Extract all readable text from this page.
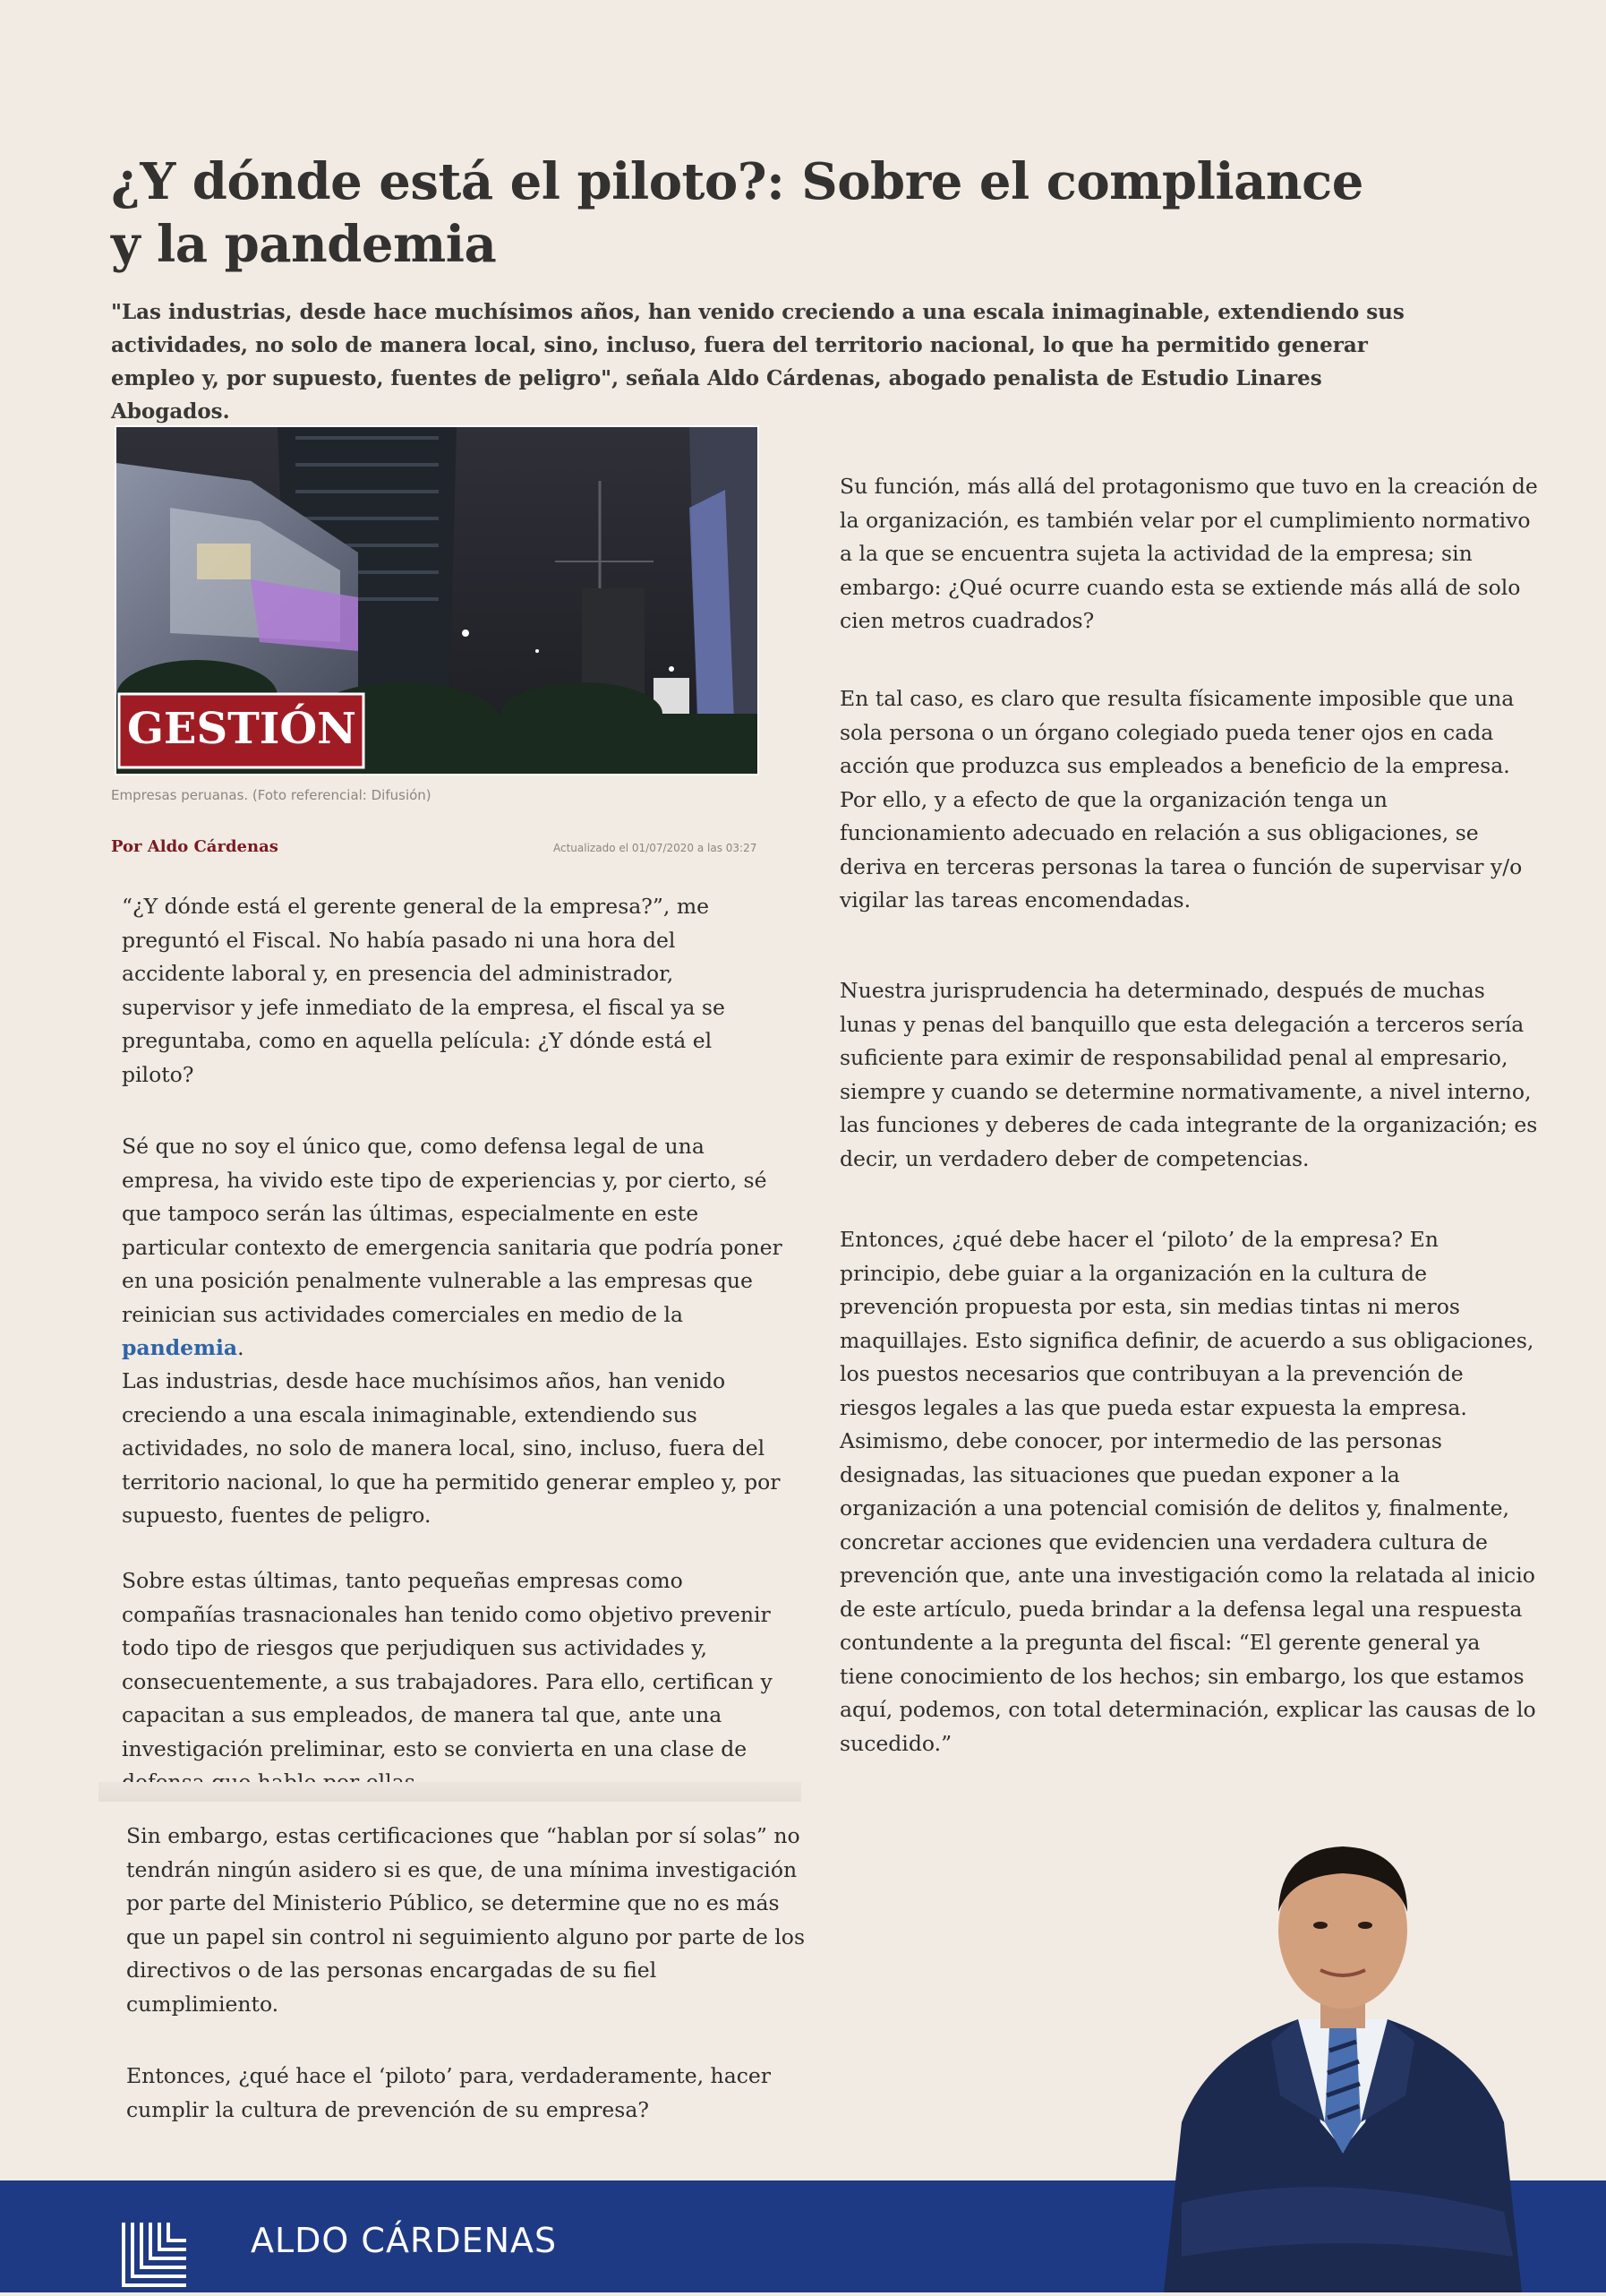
¿Y dónde está el piloto?: Sobre el compliance y la pandemia
"Las industrias, desde hace muchísimos años, han venido creciendo a una escala inimaginable, extendiendo sus actividades, no solo de manera local, sino, incluso, fuera del territorio nacional, lo que ha permitido generar empleo y, por supuesto, fuentes de peligro", señala Aldo Cárdenas, abogado penalista de Estudio Linares Abogados.
GESTIÓN
Empresas peruanas. (Foto referencial: Difusión)
Por Aldo Cárdenas	Actualizado el 01/07/2020 a las 03:27

“¿Y dónde está el gerente general de la empresa?”, me preguntó el Fiscal. No había pasado ni una hora del accidente laboral y, en presencia del administrador, supervisor y jefe inmediato de la empresa, el fiscal ya se preguntaba, como en aquella película: ¿Y dónde está el piloto?

Sé que no soy el único que, como defensa legal de una empresa, ha vivido este tipo de experiencias y, por cierto, sé que tampoco serán las últimas, especialmente en este particular contexto de emergencia sanitaria que podría poner en una posición penalmente vulnerable a las empresas que reinician sus actividades comerciales en medio de la pandemia.

Las industrias, desde hace muchísimos años, han venido creciendo a una escala inimaginable, extendiendo sus actividades, no solo de manera local, sino, incluso, fuera del territorio nacional, lo que ha permitido generar empleo y, por supuesto, fuentes de peligro.

Sobre estas últimas, tanto pequeñas empresas como compañías trasnacionales han tenido como objetivo prevenir todo tipo de riesgos que perjudiquen sus actividades y, consecuentemente, a sus trabajadores. Para ello, certifican y capacitan a sus empleados, de manera tal que, ante una investigación preliminar, esto se convierta en una clase de

Sin embargo, estas certificaciones que “hablan por sí solas” no tendrán ningún asidero si es que, de una mínima investigación por parte del Ministerio Público, se determine que no es más que un papel sin control ni seguimiento alguno por parte de los directivos o de las personas encargadas de su fiel cumplimiento.

Entonces, ¿qué hace el ‘piloto’ para, verdaderamente, hacer cumplir la cultura de prevención de su empresa?

Su función, más allá del protagonismo que tuvo en la creación de la organización, es también velar por el cumplimiento normativo a la que se encuentra sujeta la actividad de la empresa; sin embargo: ¿Qué ocurre cuando esta se extiende más allá de solo cien metros cuadrados?

En tal caso, es claro que resulta físicamente imposible que una sola persona o un órgano colegiado pueda tener ojos en cada acción que produzca sus empleados a beneficio de la empresa. Por ello, y a efecto de que la organización tenga un funcionamiento adecuado en relación a sus obligaciones, se deriva en terceras personas la tarea o función de supervisar y/o vigilar las tareas encomendadas.

Nuestra jurisprudencia ha determinado, después de muchas lunas y penas del banquillo que esta delegación a terceros sería suficiente para eximir de responsabilidad penal al empresario, siempre y cuando se determine normativamente, a nivel interno, las funciones y deberes de cada integrante de la organización; es decir, un verdadero deber de competencias.

Entonces, ¿qué debe hacer el ‘piloto’ de la empresa? En principio, debe guiar a la organización en la cultura de prevención propuesta por esta, sin medias tintas ni meros maquillajes. Esto significa definir, de acuerdo a sus obligaciones, los puestos necesarios que contribuyan a la prevención de riesgos legales a las que pueda estar expuesta la empresa. Asimismo, debe conocer, por intermedio de las personas designadas, las situaciones que puedan exponer a la organización a una potencial comisión de delitos y, finalmente, concretar acciones que evidencien una verdadera cultura de prevención que, ante una investigación como la relatada al inicio de este artículo, pueda brindar a la defensa legal una respuesta contundente a la pregunta del fiscal: “El gerente general ya tiene conocimiento de los hechos; sin embargo, los que estamos aquí, podemos, con total determinación, explicar las causas de lo sucedido.”

ALDO CÁRDENAS
